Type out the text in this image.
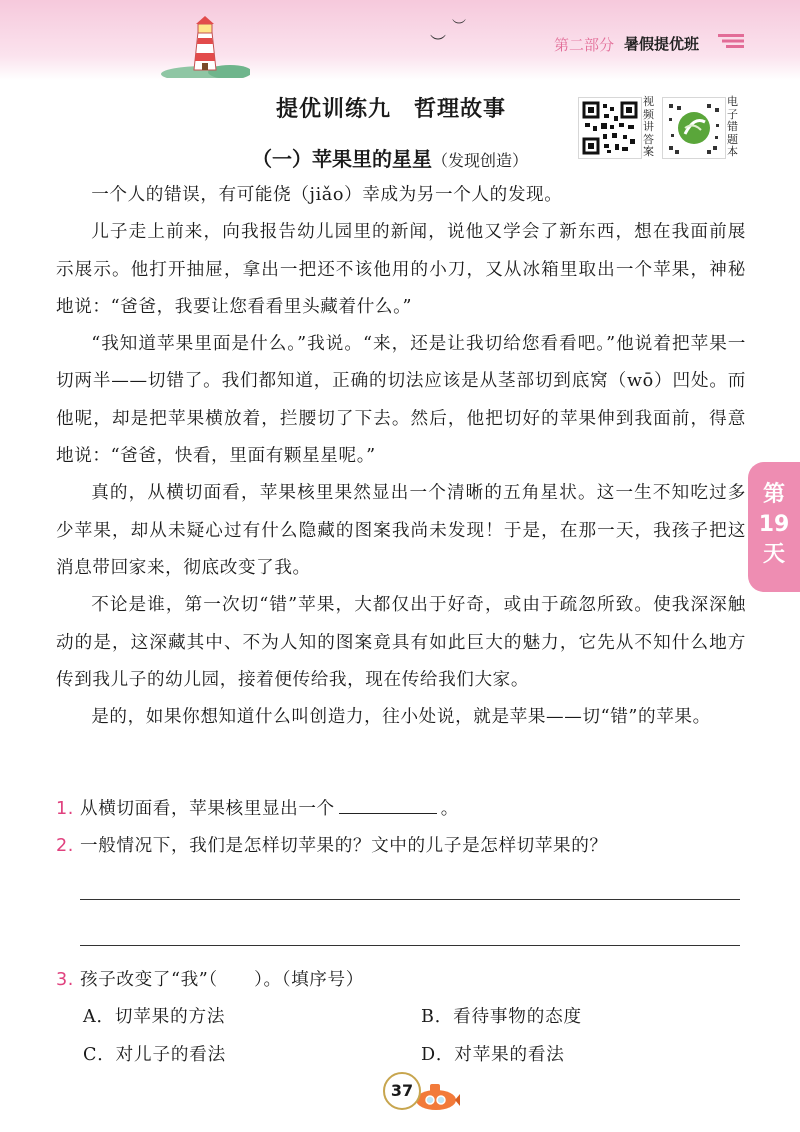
︶
︶
第二部分 暑假提优班
提优训练九　哲理故事
（一）苹果里的星星（发现创造）
视频讲答案
电子错题本

一个人的错误，有可能侥（jiǎo）幸成为另一个人的发现。

儿子走上前来，向我报告幼儿园里的新闻，说他又学会了新东西，想在我面前展示展示。他打开抽屉，拿出一把还不该他用的小刀，又从冰箱里取出一个苹果，神秘地说：“爸爸，我要让您看看里头藏着什么。”

“我知道苹果里面是什么。”我说。“来，还是让我切给您看看吧。”他说着把苹果一切两半——切错了。我们都知道，正确的切法应该是从茎部切到底窝（wō）凹处。而他呢，却是把苹果横放着，拦腰切了下去。然后，他把切好的苹果伸到我面前，得意地说：“爸爸，快看，里面有颗星星呢。”

真的，从横切面看，苹果核里果然显出一个清晰的五角星状。这一生不知吃过多少苹果，却从未疑心过有什么隐藏的图案我尚未发现！于是，在那一天，我孩子把这消息带回家来，彻底改变了我。

不论是谁，第一次切“错”苹果，大都仅出于好奇，或由于疏忽所致。使我深深触动的是，这深藏其中、不为人知的图案竟具有如此巨大的魅力，它先从不知什么地方传到我儿子的幼儿园，接着便传给我，现在传给我们大家。

是的，如果你想知道什么叫创造力，往小处说，就是苹果——切“错”的苹果。

1. 从横切面看，苹果核里显出一个	。
2. 一般情况下，我们是怎样切苹果的？文中的儿子是怎样切苹果的？
3. 孩子改变了“我”（　　）。（填序号）
A．切苹果的方法	B．看待事物的态度
C．对儿子的看法	D．对苹果的看法
第
19
天
37
